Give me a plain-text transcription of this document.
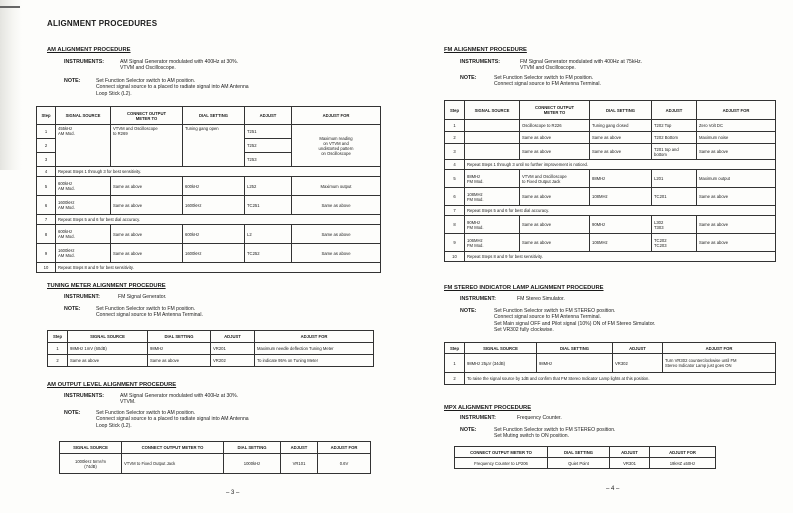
ALIGNMENT PROCEDURES
AM ALIGNMENT PROCEDURE
INSTRUMENTS:	AM Signal Generator modulated with 400Hz at 30%.
VTVM and Oscilloscope.
NOTE:	Set Function Selector switch to AM position.
Connect signal source to a placed to radiate signal into AM Antenna
Loop Stick (L2).
Step	SIGNAL SOURCE	CONNECT OUTPUT
METER TO	DIAL SETTING	ADJUST	ADJUST FOR
1	455kHz
AM Mod.	VTVM and Oscilloscope
to R269	Tuning gang open	T251	Maximum reading
on VTVM and
undistorted pattern
on Oscilloscope
2				T252	
3				T253	
4	Repeat Steps 1 through 3 for best sensitivity.				
5	600kHz
AM Mod.	Same as above	600kHz	L252	Maximum output
6	1600kHz
AM Mod.	Same as above	1600kHz	TC251	Same as above
7	Repeat Steps 5 and 6 for best dial accuracy.				
8	600kHz
AM Mod.	Same as above	600kHz	L2	Same as above
9	1600kHz
AM Mod.	Same as above	1600kHz	TC252	Same as above
10	Repeat Steps 8 and 9 for best sensitivity.				
TUNING METER ALIGNMENT PROCEDURE
INSTRUMENT:	FM Signal Generator.
NOTE:	Set Function Selector switch to FM position.
Connect signal source to FM Antenna Terminal.
Step	SIGNAL SOURCE	DIAL SETTING	ADJUST	ADJUST FOR
1	98MHz 1mV (60dB)	98MHz	VR201	Maximum needle deflection Tuning Meter
2	Same as above	Same as above	VR202	To indicate 95% on Tuning Meter
AM OUTPUT LEVEL ALIGNMENT PROCEDURE
INSTRUMENTS:	AM Signal Generator modulated with 400Hz at 30%.
VTVM.
NOTE:	Set Function Selector switch to AM position.
Connect signal source to a placed to radiate signal into AM Antenna
Loop Stick (L2).
SIGNAL SOURCE	CONNECT OUTPUT METER TO	DIAL SETTING	ADJUST	ADJUST FOR
1000kHz 5mV/m
(74dB)	VTVM to Fixed Output Jack	1000kHz	VR101	0.6V
– 3 –
FM ALIGNMENT PROCEDURE
INSTRUMENTS:	FM Signal Generator modulated with 400Hz at 75kHz.
VTVM and Oscilloscope.
NOTE:	Set Function Selector switch to FM position.
Connect signal source to FM Antenna Terminal.
Step	SIGNAL SOURCE	CONNECT OUTPUT
METER TO	DIAL SETTING	ADJUST	ADJUST FOR
1		Oscilloscope to R226	Tuning gang closed	T202 Top	Zero Volt DC
2		Same as above	Same as above	T202 Bottom	Maximum noise
3		Same as above	Same as above	T201 top and
bottom	Same as above
4	Repeat Steps 1 through 3 until no further improvement is noticed.				
5	88MHz
FM Mod.	VTVM and Oscilloscope
to Fixed Output Jack	88MHz	L201	Maximum output
6	108MHz
FM Mod.	Same as above	108MHz	TC201	Same as above
7	Repeat Steps 5 and 6 for best dial accuracy.				
8	90MHz
FM Mod.	Same as above	90MHz	L302
T303	Same as above
9	106MHz
FM Mod.	Same as above	106MHz	TC202
TC203	Same as above
10	Repeat Steps 8 and 9 for best sensitivity.				
FM STEREO INDICATOR LAMP ALIGNMENT PROCEDURE
INSTRUMENT:	FM Stereo Simulator.
NOTE:	Set Function Selector switch to FM STEREO position.
Connect signal source to FM Antenna Terminal.
Set Main signal OFF and Pilot signal (10%) ON of FM Stereo Simulator.
Set VR302 fully clockwise.
Step	SIGNAL SOURCE	DIAL SETTING	ADJUST	ADJUST FOR
1	98MHz 25μV (34dB)	98MHz	VR302	Turn VR302 counterclockwise until FM
Stereo Indicator Lamp just goes ON
2	To raise the signal source by 1dB and confirm that FM Stereo Indicator Lamp lights at this position.			
MPX ALIGNMENT PROCEDURE
INSTRUMENT:	Frequency Counter.
NOTE:	Set Function Selector switch to FM STEREO position.
Set Muting switch to ON position.
CONNECT OUTPUT METER TO	DIAL SETTING	ADJUST	ADJUST FOR
Frequency Counter to LP206	Quiet Point	VR301	19kHZ ±50Hz
– 4 –
